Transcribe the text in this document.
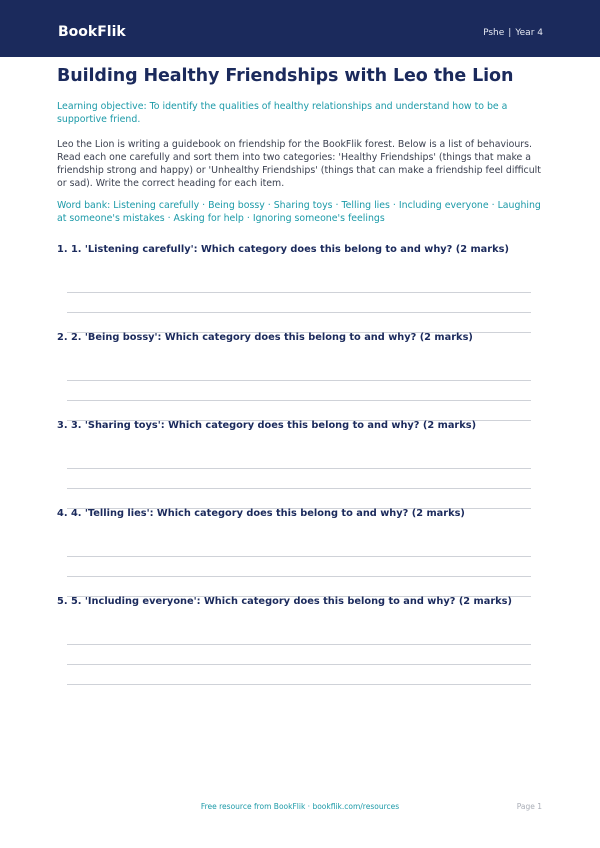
BookFlik	Pshe | Year 4
Building Healthy Friendships with Leo the Lion
Learning objective: To identify the qualities of healthy relationships and understand how to be a supportive friend.
Leo the Lion is writing a guidebook on friendship for the BookFlik forest. Below is a list of behaviours. Read each one carefully and sort them into two categories: 'Healthy Friendships' (things that make a friendship strong and happy) or 'Unhealthy Friendships' (things that can make a friendship feel difficult or sad). Write the correct heading for each item.
Word bank: Listening carefully · Being bossy · Sharing toys · Telling lies · Including everyone · Laughing at someone's mistakes · Asking for help · Ignoring someone's feelings
1. 1. 'Listening carefully': Which category does this belong to and why? (2 marks)
2. 2. 'Being bossy': Which category does this belong to and why? (2 marks)
3. 3. 'Sharing toys': Which category does this belong to and why? (2 marks)
4. 4. 'Telling lies': Which category does this belong to and why? (2 marks)
5. 5. 'Including everyone': Which category does this belong to and why? (2 marks)
Free resource from BookFlik · bookflik.com/resources	Page 1
